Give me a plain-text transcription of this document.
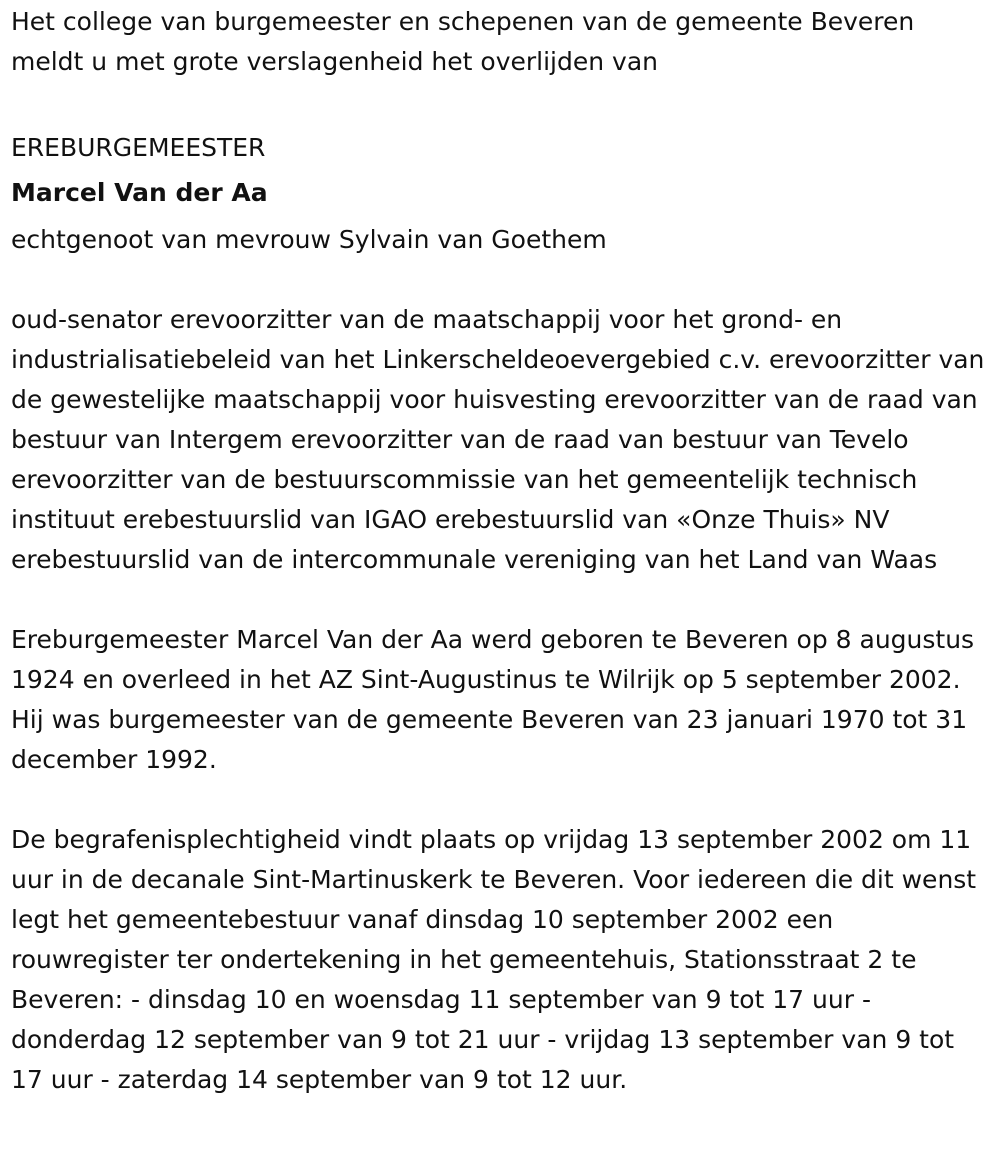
Het college van burgemeester en schepenen van de gemeente Beveren meldt u met grote verslagenheid het overlijden van

EREBURGEMEESTER
Marcel Van der Aa
echtgenoot van mevrouw Sylvain van Goethem

oud-senator erevoorzitter van de maatschappij voor het grond- en industrialisatiebeleid van het Linkerscheldeoevergebied c.v. erevoorzitter van de gewestelijke maatschappij voor huisvesting erevoorzitter van de raad van bestuur van Intergem erevoorzitter van de raad van bestuur van Tevelo erevoorzitter van de bestuurscommissie van het gemeentelijk technisch instituut erebestuurslid van IGAO erebestuurslid van «Onze Thuis» NV erebestuurslid van de intercommunale vereniging van het Land van Waas

Ereburgemeester Marcel Van der Aa werd geboren te Beveren op 8 augustus 1924 en overleed in het AZ Sint-Augustinus te Wilrijk op 5 september 2002. Hij was burgemeester van de gemeente Beveren van 23 januari 1970 tot 31 december 1992.

De begrafenisplechtigheid vindt plaats op vrijdag 13 september 2002 om 11 uur in de decanale Sint-Martinuskerk te Beveren. Voor iedereen die dit wenst legt het gemeentebestuur vanaf dinsdag 10 september 2002 een rouwregister ter ondertekening in het gemeentehuis, Stationsstraat 2 te Beveren: - dinsdag 10 en woensdag 11 september van 9 tot 17 uur - donderdag 12 september van 9 tot 21 uur - vrijdag 13 september van 9 tot 17 uur - zaterdag 14 september van 9 tot 12 uur.
